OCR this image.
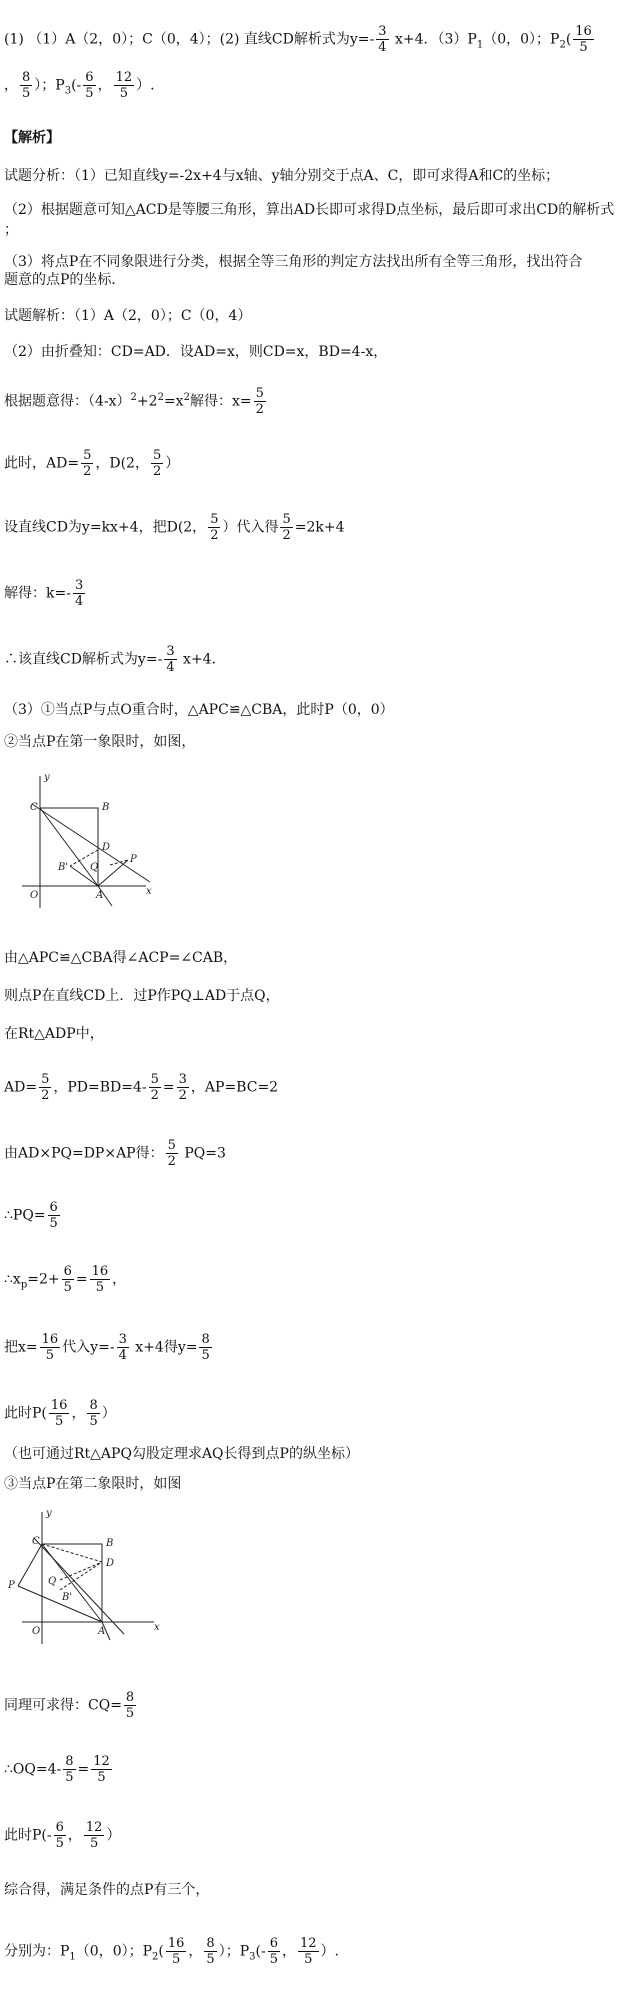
(1) （1）A（2，0）；C（0，4）；(2) 直线CD解析式为$y=- \frac{3}{4} x+4$．$(3)P_1(0$，0）；$P_2( \frac{16}{5}$
， $\frac{8}{5}$ ）；$P_3(- \frac{6}{5}$ ， $\frac{12}{5}$ ）.
【解析】
试题分析：（1）已知直线y=-2x+4与x轴、y轴分别交于点A、C，即可求得A和C的坐标；
（2）根据题意可知△ACD是等腰三角形，算出AD长即可求得D点坐标，最后即可求出CD的解析式
；
（3）将点P在不同象限进行分类，根据全等三角形的判定方法找出所有全等三角形，找出符合
题意的点P的坐标．
试题解析：（1）A（2，0）；C（0，4）
（2）由折叠知：CD=AD．设AD=x，则CD=x，BD=4-x，
根据题意得：$(4-x)^2+2^2=x^2$解得：$x= \frac{5}{2}$
此时，$AD= \frac{5}{2}$ ，D(2， $\frac{5}{2}$ ）
设直线CD为y=kx+4，把D(2， $\frac{5}{2}$ ）代入得 $\frac{5}{2} =2k+4$
解得：$k=- \frac{3}{4}$
∴该直线CD解析式为$y=- \frac{3}{4} x+4$．
（3）①当点P与点O重合时，△APC≌△CBA，此时P（0，0）
②当点P在第一象限时，如图，
y
x
C	B
D
Q
P
B'
O	A
由△APC≌△CBA得∠ACP=∠CAB，
则点P在直线CD上．过P作PQ⊥AD于点Q，
在Rt△ADP中，
$AD= \frac{5}{2}$ ，$PD=BD=4- \frac{5}{2} = \frac{3}{2}$ ，AP=BC=2
由AD×PQ=DP×AP得： $\frac{5}{2} PQ=3$
∴PQ= $\frac{6}{5}$
$\therefore x_p=2+ \frac{6}{5} = \frac{16}{5}$ ，
把$x= \frac{16}{5}$ 代入$y=- \frac{3}{4} x+4$得$y= \frac{8}{5}$
此时$P( \frac{16}{5}$ ， $\frac{8}{5}$ ）
（也可通过Rt△APQ勾股定理求AQ长得到点P的纵坐标）
③当点P在第二象限时，如图
y
x
C	B
D
Q
P
B'
O	A
同理可求得：$CQ= \frac{8}{5}$
∴OQ=4- $\frac{8}{5} = \frac{12}{5}$
此时$P(- \frac{6}{5}$ ， $\frac{12}{5}$ ）
综合得，满足条件的点P有三个，
分别为：$P_1(0$，0）；$P_2( \frac{16}{5}$ ， $\frac{8}{5}$ ）；$P_3(- \frac{6}{5}$ ， $\frac{12}{5}$ ）.
